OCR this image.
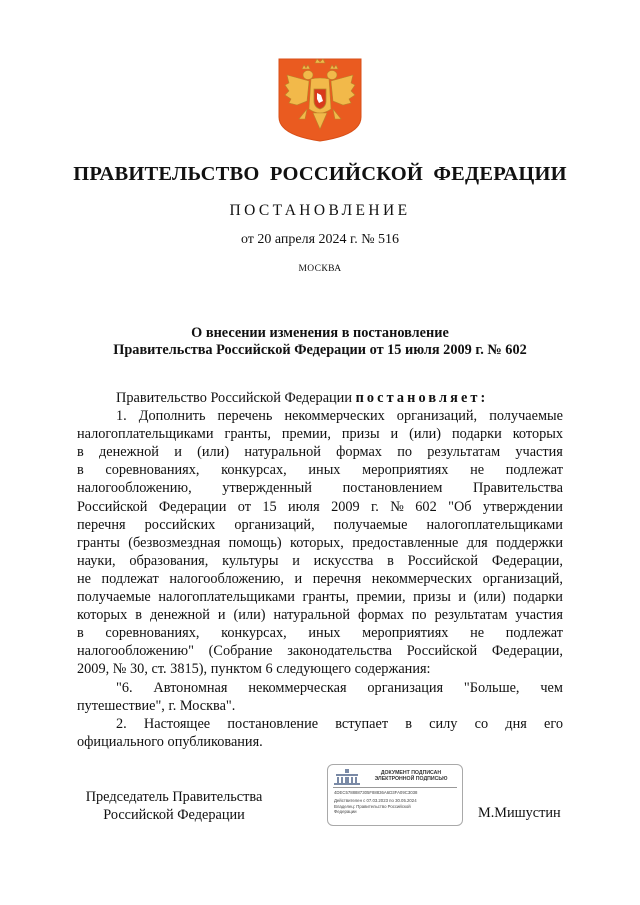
ПРАВИТЕЛЬСТВО РОССИЙСКОЙ ФЕДЕРАЦИИ
ПОСТАНОВЛЕНИЕ
от 20 апреля 2024 г. № 516
МОСКВА
О внесении изменения в постановление
Правительства Российской Федерации от 15 июля 2009 г. № 602
Правительство Российской Федерации постановляет:
1. Дополнить перечень некоммерческих организаций, получаемые
налогоплательщиками гранты, премии, призы и (или) подарки которых
в денежной и (или) натуральной формах по результатам участия
в соревнованиях, конкурсах, иных мероприятиях не подлежат
налогообложению, утвержденный постановлением Правительства
Российской Федерации от 15 июля 2009 г. № 602 "Об утверждении
перечня российских организаций, получаемые налогоплательщиками
гранты (безвозмездная помощь) которых, предоставленные для поддержки
науки, образования, культуры и искусства в Российской Федерации,
не подлежат налогообложению, и перечня некоммерческих организаций,
получаемые налогоплательщиками гранты, премии, призы и (или) подарки
которых в денежной и (или) натуральной формах по результатам участия
в соревнованиях, конкурсах, иных мероприятиях не подлежат
налогообложению" (Собрание законодательства Российской Федерации,
2009, № 30, ст. 3815), пунктом 6 следующего содержания:
"6. Автономная некоммерческая организация "Больше, чем
путешествие", г. Москва".
2. Настоящее постановление вступает в силу со дня его
официального опубликования.
Председатель Правительства
Российской Федерации	М.Мишустин
ДОКУМЕНТ ПОДПИСАН
ЭЛЕКТРОННОЙ ПОДПИСЬЮ
4DEC5788887305F88836A6D3FA09C3038
Действителен с 07.03.2023 по 30.05.2024
Владелец: Правительство Российской
Федерации
